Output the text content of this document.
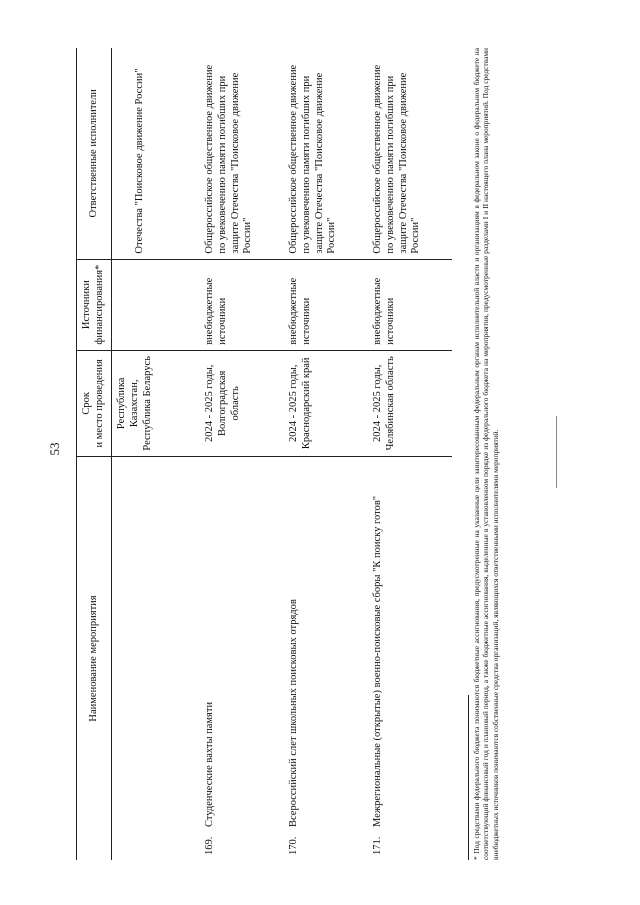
53
Наименование мероприятия	Срок
и место проведения	Источники финансирования*	Ответственные исполнители
	Республика
Казахстан,
Республика Беларусь		Отечества "Поисковое движение России"
169.Студенческие вахты памяти	2024 - 2025 годы,
Волгоградская
область	внебюджетные источники	Общероссийское общественное движение по увековечению памяти погибших при защите Отечества "Поисковое движение России"
170.Всероссийский слет школьных поисковых отрядов	2024 - 2025 годы,
Краснодарский край	внебюджетные источники	Общероссийское общественное движение по увековечению памяти погибших при защите Отечества "Поисковое движение России"
171.Межрегиональные (открытые) военно-поисковые сборы "К поиску готов"	2024 - 2025 годы,
Челябинская область	внебюджетные источники	Общероссийское общественное движение по увековечению памяти погибших при защите Отечества "Поисковое движение России"	* Под средствами федерального бюджета понимаются бюджетные ассигнования, предусмотренные на указанные цели заинтересованным федеральным органам исполнительной власти и организациям в федеральном законе о федеральном бюджете на соответствующий финансовый год и плановый период, а также бюджетные ассигнования, выделенные в установленном порядке из федерального бюджета на мероприятия, предусмотренные разделами I и II настоящего плана мероприятий. Под средствами внебюджетных источников понимаются собственные средства организаций, являющихся ответственными исполнителями мероприятий.
